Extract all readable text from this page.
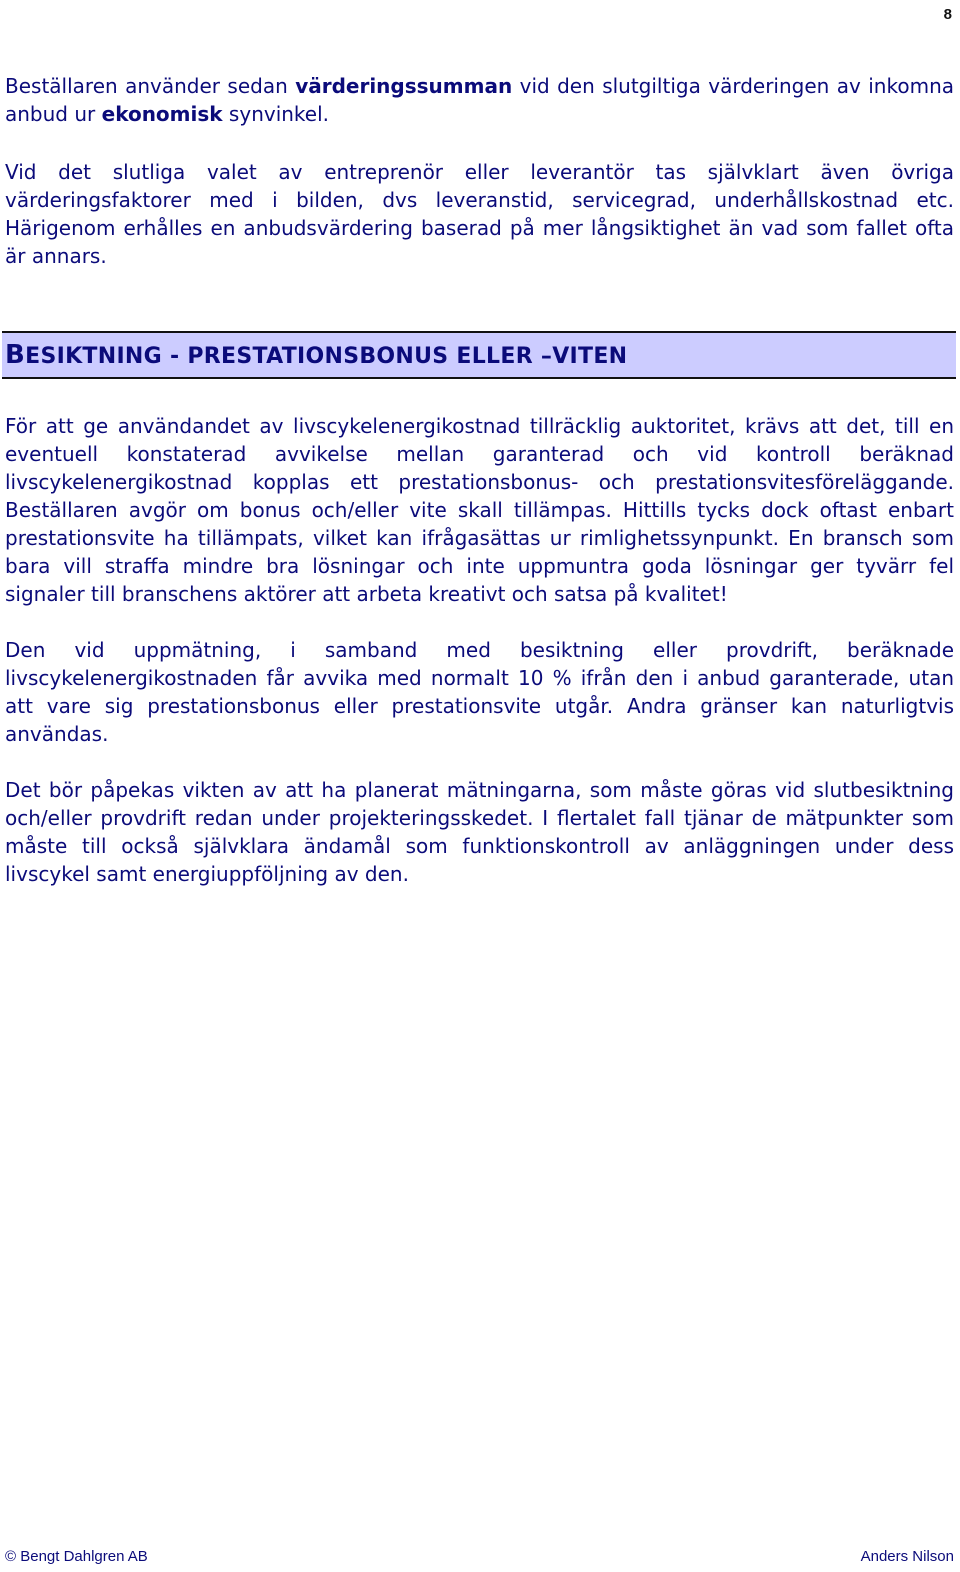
8

Beställaren använder sedan värderingssumman vid den slutgiltiga värderingen av inkomna anbud ur ekonomisk synvinkel.

Vid det slutliga valet av entreprenör eller leverantör tas självklart även övriga värderingsfaktorer med i bilden, dvs leveranstid, servicegrad, underhållskostnad etc. Härigenom erhålles en anbudsvärdering baserad på mer långsiktighet än vad som fallet ofta är annars.

BESIKTNING - PRESTATIONSBONUS ELLER –VITEN

För att ge användandet av livscykelenergikostnad tillräcklig auktoritet, krävs att det, till en eventuell konstaterad avvikelse mellan garanterad och vid kontroll beräknad livscykelenergikostnad kopplas ett prestationsbonus- och prestationsvitesföreläggande. Beställaren avgör om bonus och/eller vite skall tillämpas. Hittills tycks dock oftast enbart prestationsvite ha tillämpats, vilket kan ifrågasättas ur rimlighetssynpunkt. En bransch som bara vill straffa mindre bra lösningar och inte uppmuntra goda lösningar ger tyvärr fel signaler till branschens aktörer att arbeta kreativt och satsa på kvalitet!

Den vid uppmätning, i samband med besiktning eller provdrift, beräknade livscykelenergikostnaden får avvika med normalt 10 % ifrån den i anbud garanterade, utan att vare sig prestationsbonus eller prestationsvite utgår. Andra gränser kan naturligtvis användas.

Det bör påpekas vikten av att ha planerat mätningarna, som måste göras vid slutbesiktning och/eller provdrift redan under projekteringsskedet. I flertalet fall tjänar de mätpunkter som måste till också självklara ändamål som funktionskontroll av anläggningen under dess livscykel samt energiuppföljning av den.

© Bengt Dahlgren AB	Anders Nilson
